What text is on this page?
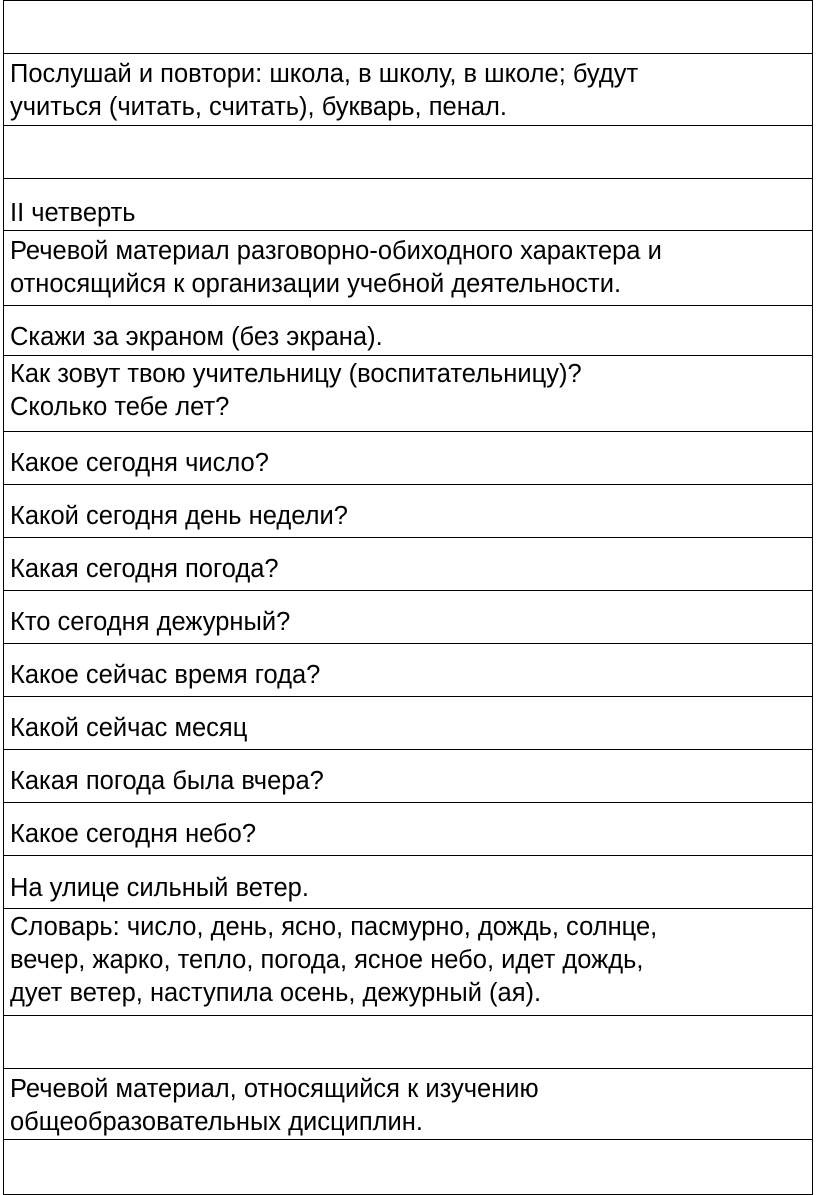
Послушай и повтори: школа, в школу, в школе; будут
учиться (читать, считать), букварь, пенал.
II четверть
Речевой материал разговорно-обиходного характера и
относящийся к организации учебной деятельности.
Скажи за экраном (без экрана).
Как зовут твою учительницу (воспитательницу)?
Сколько тебе лет?
Какое сегодня число?
Какой сегодня день недели?
Какая сегодня погода?
Кто сегодня дежурный?
Какое сейчас время года?
Какой сейчас месяц
Какая погода была вчера?
Какое сегодня небо?
На улице сильный ветер.
Словарь: число, день, ясно, пасмурно, дождь, солнце,
вечер, жарко, тепло, погода, ясное небо, идет дождь,
дует ветер, наступила осень, дежурный (ая).
Речевой материал, относящийся к изучению
общеобразовательных дисциплин.
